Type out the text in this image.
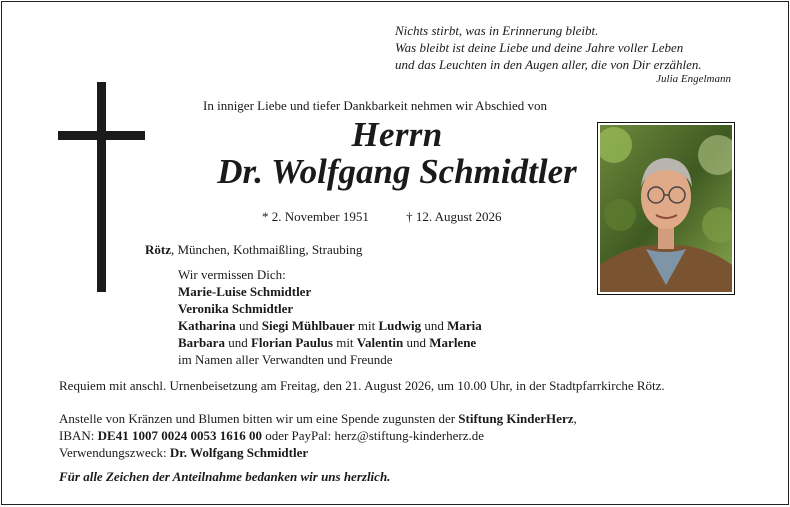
Nichts stirbt, was in Erinnerung bleibt.
Was bleibt ist deine Liebe und deine Jahre voller Leben
und das Leuchten in den Augen aller, die von Dir erzählen.
Julia Engelmann
In inniger Liebe und tiefer Dankbarkeit nehmen wir Abschied von
Herrn
Dr. Wolfgang Schmidtler
* 2. November 1951	† 12. August 2026
Rötz, München, Kothmaißling, Straubing
Wir vermissen Dich:
Marie-Luise Schmidtler
Veronika Schmidtler
Katharina und Siegi Mühlbauer mit Ludwig und Maria
Barbara und Florian Paulus mit Valentin und Marlene
im Namen aller Verwandten und Freunde
Requiem mit anschl. Urnenbeisetzung am Freitag, den 21. August 2026, um 10.00 Uhr, in der Stadtpfarrkirche Rötz.
Anstelle von Kränzen und Blumen bitten wir um eine Spende zugunsten der Stiftung KinderHerz,
IBAN: DE41 1007 0024 0053 1616 00 oder PayPal: herz@stiftung-kinderherz.de
Verwendungszweck: Dr. Wolfgang Schmidtler
Für alle Zeichen der Anteilnahme bedanken wir uns herzlich.
